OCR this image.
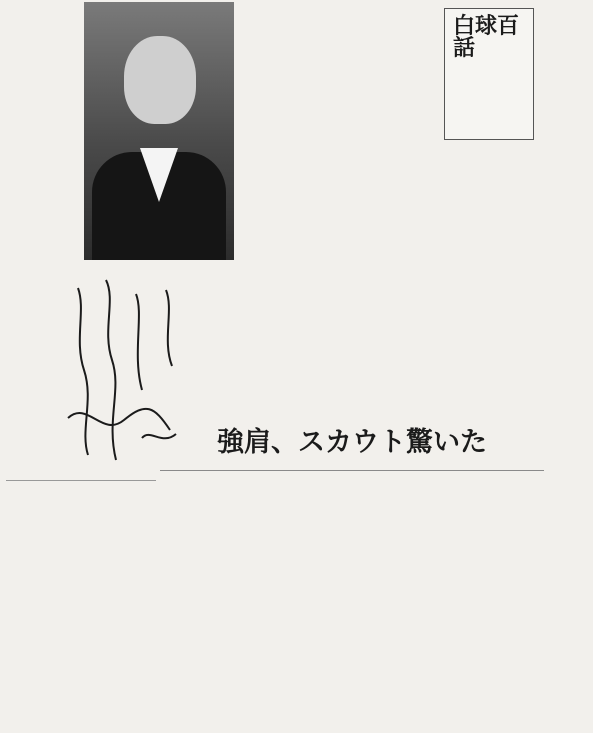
白球百話
強肩、スカウト驚いた
